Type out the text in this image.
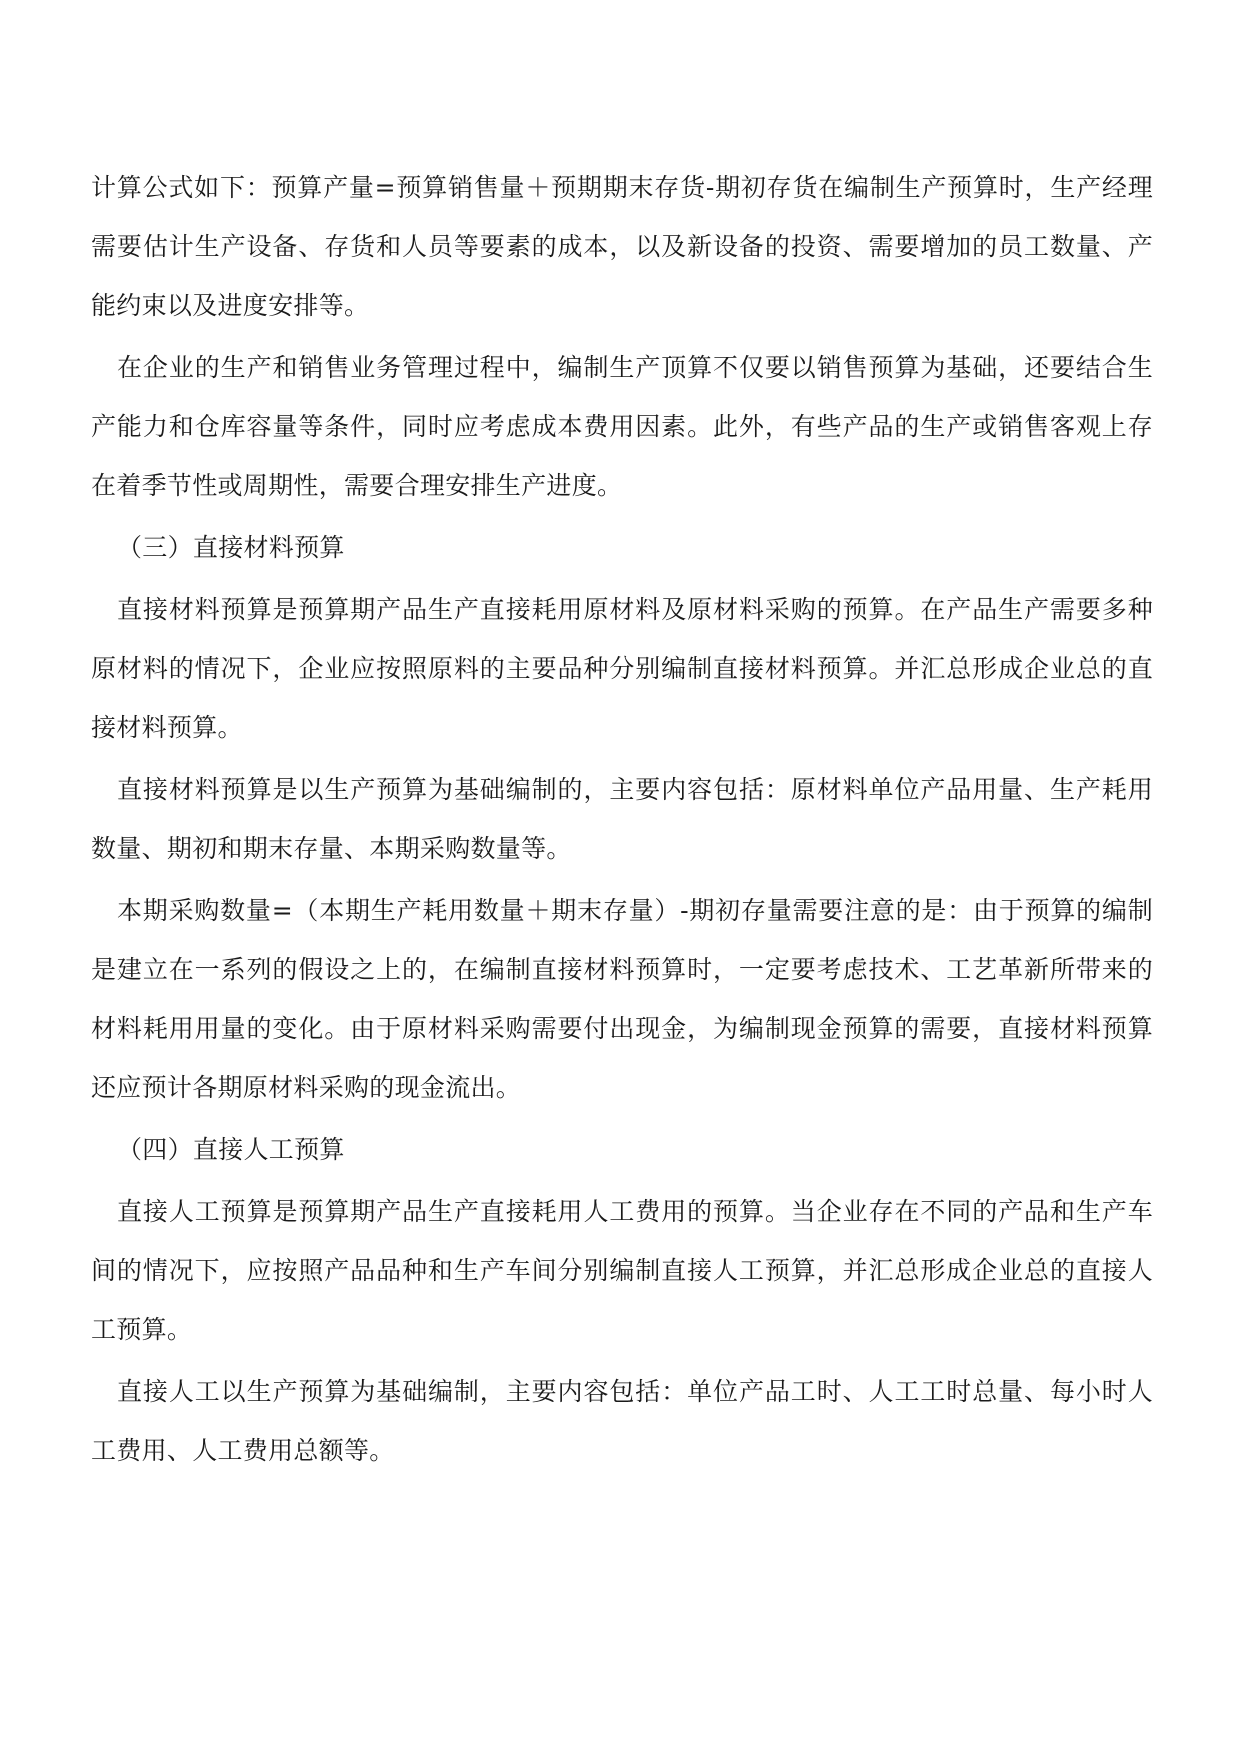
计算公式如下：预算产量=预算销售量＋预期期末存货-期初存货在编制生产预算时，生产经理需要估计生产设备、存货和人员等要素的成本，以及新设备的投资、需要增加的员工数量、产能约束以及进度安排等。

在企业的生产和销售业务管理过程中，编制生产顶算不仅要以销售预算为基础，还要结合生产能力和仓库容量等条件，同时应考虑成本费用因素。此外，有些产品的生产或销售客观上存在着季节性或周期性，需要合理安排生产进度。

（三）直接材料预算

直接材料预算是预算期产品生产直接耗用原材料及原材料采购的预算。在产品生产需要多种原材料的情况下，企业应按照原料的主要品种分别编制直接材料预算。并汇总形成企业总的直接材料预算。

直接材料预算是以生产预算为基础编制的，主要内容包括：原材料单位产品用量、生产耗用数量、期初和期末存量、本期采购数量等。

本期采购数量=（本期生产耗用数量＋期末存量）-期初存量需要注意的是：由于预算的编制是建立在一系列的假设之上的，在编制直接材料预算时，一定要考虑技术、工艺革新所带来的材料耗用用量的变化。由于原材料采购需要付出现金，为编制现金预算的需要，直接材料预算还应预计各期原材料采购的现金流出。

（四）直接人工预算

直接人工预算是预算期产品生产直接耗用人工费用的预算。当企业存在不同的产品和生产车间的情况下，应按照产品品种和生产车间分别编制直接人工预算，并汇总形成企业总的直接人工预算。

直接人工以生产预算为基础编制，主要内容包括：单位产品工时、人工工时总量、每小时人工费用、人工费用总额等。
